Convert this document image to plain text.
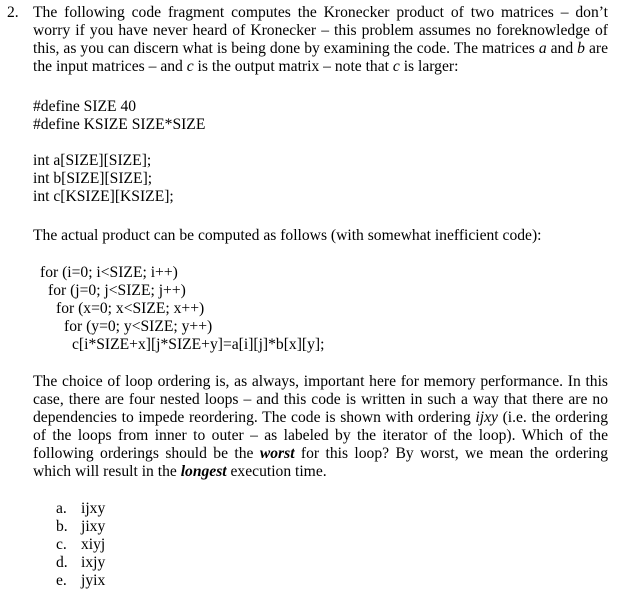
2. The following code fragment computes the Kronecker product of two matrices – don’t worry if you have never heard of Kronecker – this problem assumes no foreknowledge of this, as you can discern what is being done by examining the code. The matrices a and b are the input matrices – and c is the output matrix – note that c is larger:

#define SIZE 40
#define KSIZE SIZE*SIZE
int a[SIZE][SIZE];
int b[SIZE][SIZE];
int c[KSIZE][KSIZE];
The actual product can be computed as follows (with somewhat inefficient code):
for (i=0; i<SIZE; i++)
for (j=0; j<SIZE; j++)
for (x=0; x<SIZE; x++)
for (y=0; y<SIZE; y++)
c[i*SIZE+x][j*SIZE+y]=a[i][j]*b[x][y];

The choice of loop ordering is, as always, important here for memory performance. In this case, there are four nested loops – and this code is written in such a way that there are no dependencies to impede reordering. The code is shown with ordering ijxy (i.e. the ordering of the loops from inner to outer – as labeled by the iterator of the loop). Which of the following orderings should be the worst for this loop? By worst, we mean the ordering which will result in the longest execution time.

a. ijxy
b. jixy
c. xiyj
d. ixjy
e. jyix
